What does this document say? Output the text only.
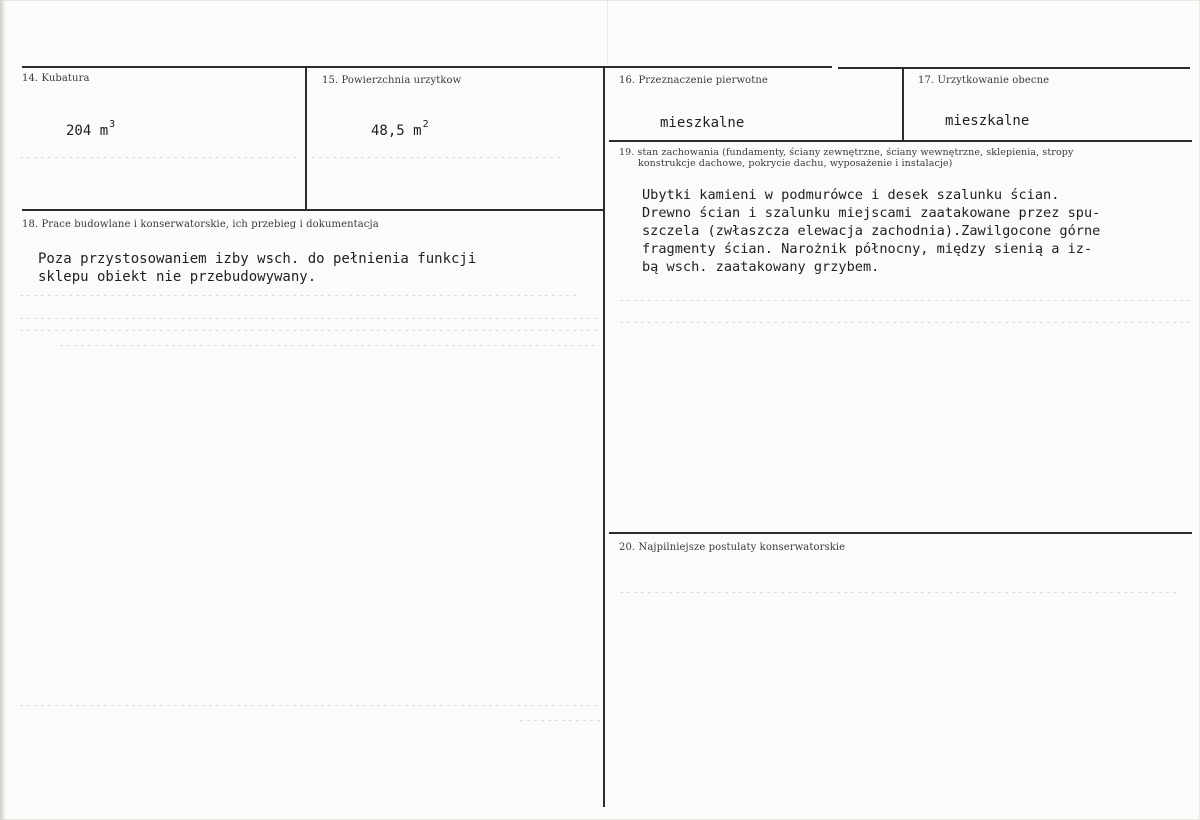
14. Kubatura
204 $m^3$
15. Powierzchnia urzytkow
48,5 $m^2$
16. Przeznaczenie pierwotne
mieszkalne
17. Urzytkowanie obecne
mieszkalne
18. Prace budowlane i konserwatorskie, ich przebieg i dokumentacja
Poza przystosowaniem izby wsch. do pełnienia funkcji
sklepu obiekt nie przebudowywany.
19. stan zachowania (fundamenty, ściany zewnętrzne, ściany wewnętrzne, sklepienia, stropy
konstrukcje dachowe, pokrycie dachu, wyposażenie i instalacje)
Ubytki kamieni w podmurówce i desek szalunku ścian.
Drewno ścian i szalunku miejscami zaatakowane przez spu-
szczela (zwłaszcza elewacja zachodnia).Zawilgocone górne
fragmenty ścian. Narożnik północny, między sienią a iz-
bą wsch. zaatakowany grzybem.
20. Najpilniejsze postulaty konserwatorskie
